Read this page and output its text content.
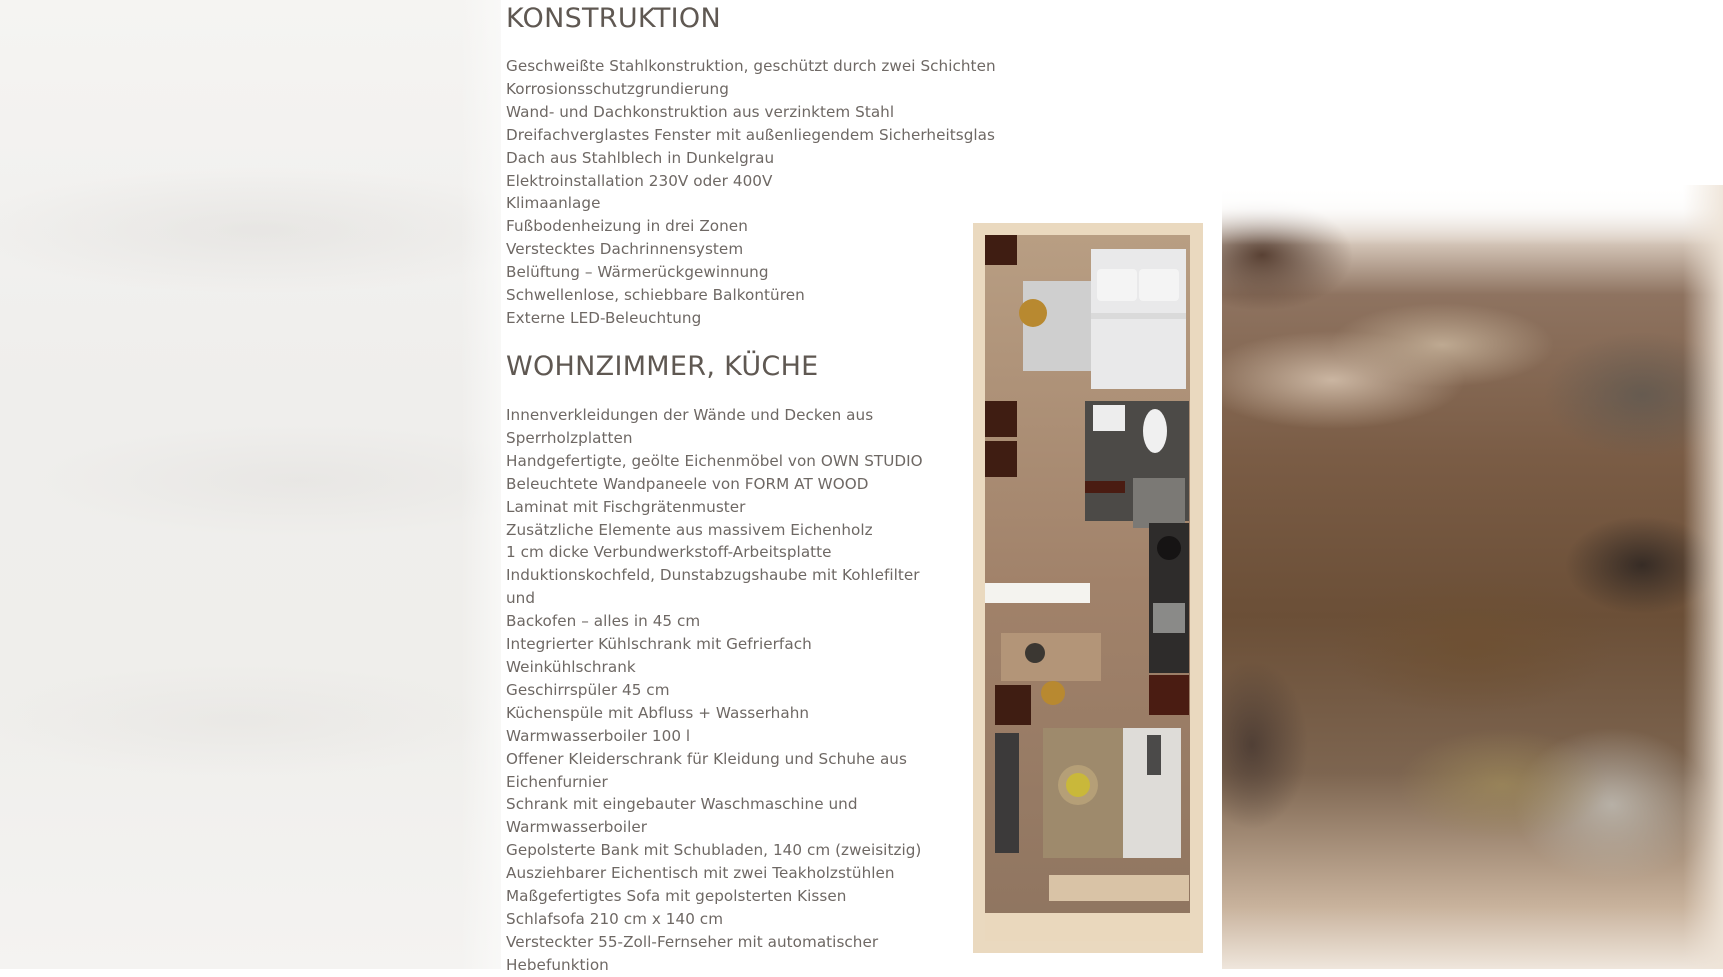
KONSTRUKTION
Geschweißte Stahlkonstruktion, geschützt durch zwei Schichten
Korrosionsschutzgrundierung
Wand- und Dachkonstruktion aus verzinktem Stahl
Dreifachverglastes Fenster mit außenliegendem Sicherheitsglas
Dach aus Stahlblech in Dunkelgrau
Elektroinstallation 230V oder 400V
Klimaanlage
Fußbodenheizung in drei Zonen
Verstecktes Dachrinnensystem
Belüftung – Wärmerückgewinnung
Schwellenlose, schiebbare Balkontüren
Externe LED-Beleuchtung
WOHNZIMMER, KÜCHE
Innenverkleidungen der Wände und Decken aus
Sperrholzplatten
Handgefertigte, geölte Eichenmöbel von OWN STUDIO
Beleuchtete Wandpaneele von FORM AT WOOD
Laminat mit Fischgrätenmuster
Zusätzliche Elemente aus massivem Eichenholz
1 cm dicke Verbundwerkstoff-Arbeitsplatte
Induktionskochfeld, Dunstabzugshaube mit Kohlefilter und
Backofen – alles in 45 cm
Integrierter Kühlschrank mit Gefrierfach
Weinkühlschrank
Geschirrspüler 45 cm
Küchenspüle mit Abfluss + Wasserhahn
Warmwasserboiler 100 l
Offener Kleiderschrank für Kleidung und Schuhe aus
Eichenfurnier
Schrank mit eingebauter Waschmaschine und
Warmwasserboiler
Gepolsterte Bank mit Schubladen, 140 cm (zweisitzig)
Ausziehbarer Eichentisch mit zwei Teakholzstühlen
Maßgefertigtes Sofa mit gepolsterten Kissen
Schlafsofa 210 cm x 140 cm
Versteckter 55-Zoll-Fernseher mit automatischer
Hebefunktion
